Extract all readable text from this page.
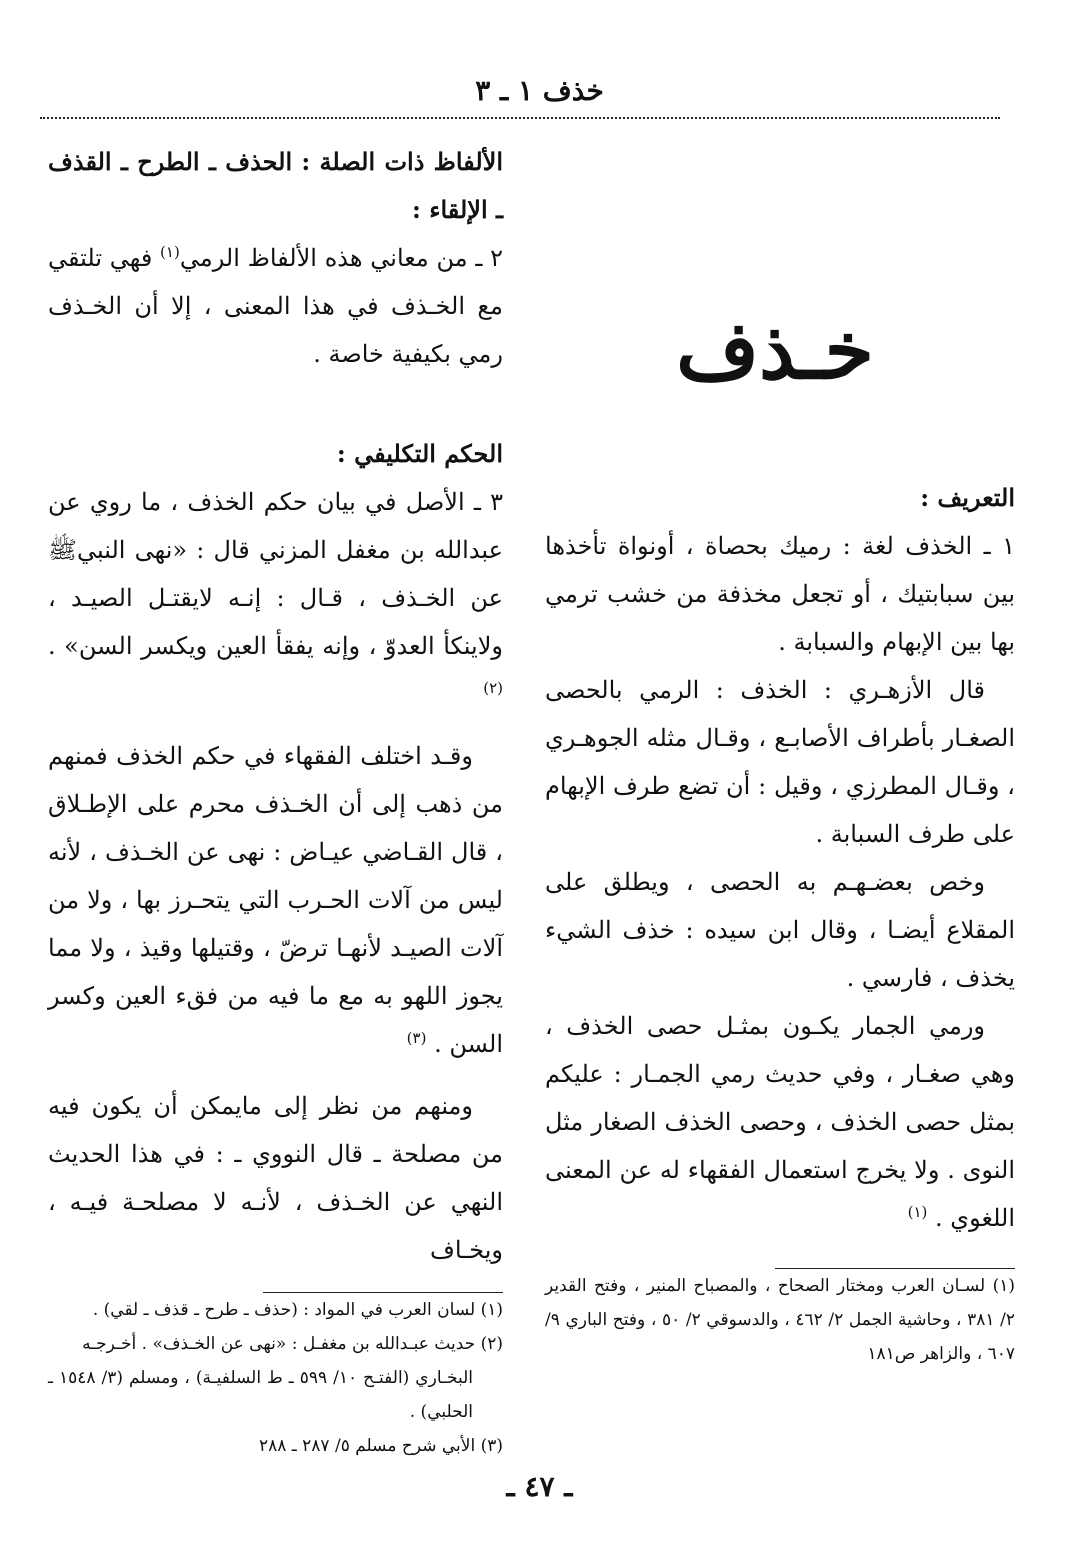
خذف ١ ـ ٣
خـذف

التعريف :

١ ـ الخذف لغة : رميك بحصاة ، أونواة تأخذها بين سبابتيك ، أو تجعل مخذفة من خشب ترمي بها بين الإبهام والسبابة .

قال الأزهـري : الخذف : الرمي بالحصى الصغـار بأطراف الأصابـع ، وقـال مثله الجوهـري ، وقـال المطرزي ، وقيل : أن تضع طرف الإبهام على طرف السبابة .

وخص بعضـهـم به الحصى ، ويطلق على المقلاع أيضـا ، وقال ابن سيده : خذف الشيء يخذف ، فارسي .

ورمي الجمار يكـون بمثـل حصى الخذف ، وهي صغـار ، وفي حديث رمي الجمـار : عليكم بمثل حصى الخذف ، وحصى الخذف الصغار مثل النوى . ولا يخرج استعمال الفقهاء له عن المعنى اللغوي . $^{(١)}$

(١) لسـان العرب ومختار الصحاح ، والمصباح المنير ، وفتح القدير ٢/ ٣٨١ ، وحاشية الجمل ٢/ ٤٦٢ ، والدسوقي ٢/ ٥٠ ، وفتح الباري ٩/ ٦٠٧ ، والزاهر ص١٨١

الألفاظ ذات الصلة : الحذف ـ الطرح ـ القذف ـ الإلقاء :

٢ ـ من معاني هذه الألفاظ الرمي$^{(١)}$ فهي تلتقي مع الخـذف في هذا المعنى ، إلا أن الخـذف رمي بكيفية خاصة .

الحكم التكليفي :

٣ ـ الأصل في بيان حكم الخذف ، ما روي عن عبدالله بن مغفل المزني قال : «نهى النبيﷺ عن الخـذف ، قـال : إنـه لايقتـل الصيـد ، ولاينكأ العدوّ ، وإنه يفقأ العين ويكسر السن» . $^{(٢)}$

وقـد اختلف الفقهاء في حكم الخذف فمنهم من ذهب إلى أن الخـذف محرم على الإطـلاق ، قال القـاضي عيـاض : نهى عن الخـذف ، لأنه ليس من آلات الحـرب التي يتحـرز بها ، ولا من آلات الصيـد لأنهـا ترضّ ، وقتيلها وقيذ ، ولا مما يجوز اللهو به مع ما فيه من فقء العين وكسر السن . $^{(٣)}$

ومنهم من نظر إلى مايمكن أن يكون فيه من مصلحة ـ قال النووي ـ : في هذا الحديث النهي عن الخـذف ، لأنـه لا مصلحـة فيـه ، ويخـاف

(١) لسان العرب في المواد : (حذف ـ طرح ـ قذف ـ لقي) .

(٢) حديث عبـدالله بن مغفـل : «نهى عن الخـذف» . أخـرجـه

البخـاري (الفتـح ١٠/ ٥٩٩ ـ ط السلفيـة) ، ومسلم (٣/ ١٥٤٨ ـ الحلبي) .

(٣) الأبي شرح مسلم ٥/ ٢٨٧ ـ ٢٨٨

ـ ٤٧ ـ
